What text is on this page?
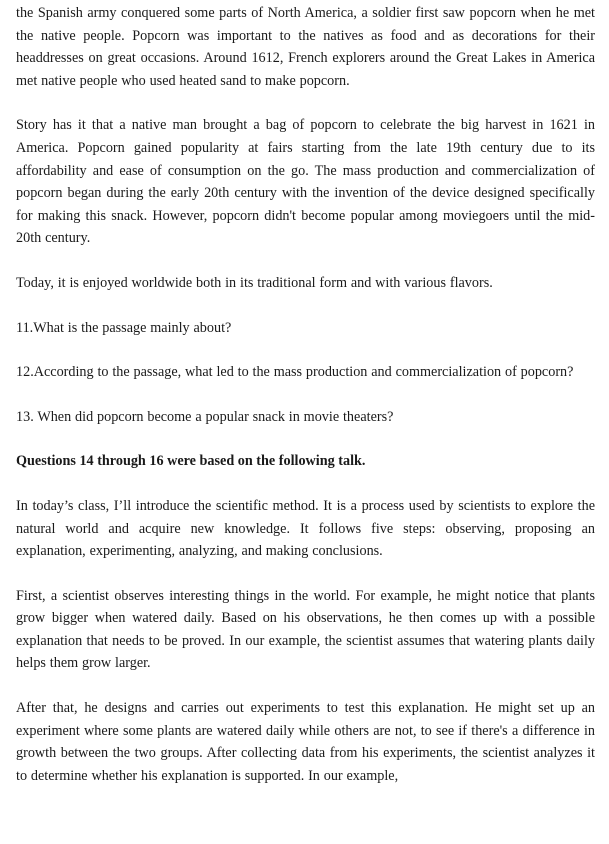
the Spanish army conquered some parts of North America, a soldier first saw popcorn when he met the native people. Popcorn was important to the natives as food and as decorations for their headdresses on great occasions. Around 1612, French explorers around the Great Lakes in America met native people who used heated sand to make popcorn.

Story has it that a native man brought a bag of popcorn to celebrate the big harvest in 1621 in America. Popcorn gained popularity at fairs starting from the late 19th century due to its affordability and ease of consumption on the go. The mass production and commercialization of popcorn began during the early 20th century with the invention of the device designed specifically for making this snack. However, popcorn didn't become popular among moviegoers until the mid-20th century.

Today, it is enjoyed worldwide both in its traditional form and with various flavors.

11.What is the passage mainly about?

12.According to the passage, what led to the mass production and commercialization of popcorn?

13. When did popcorn become a popular snack in movie theaters?

Questions 14 through 16 were based on the following talk.

In today’s class, I’ll introduce the scientific method. It is a process used by scientists to explore the natural world and acquire new knowledge. It follows five steps: observing, proposing an explanation, experimenting, analyzing, and making conclusions.

First, a scientist observes interesting things in the world. For example, he might notice that plants grow bigger when watered daily. Based on his observations, he then comes up with a possible explanation that needs to be proved. In our example, the scientist assumes that watering plants daily helps them grow larger.

After that, he designs and carries out experiments to test this explanation. He might set up an experiment where some plants are watered daily while others are not, to see if there's a difference in growth between the two groups. After collecting data from his experiments, the scientist analyzes it to determine whether his explanation is supported. In our example,
